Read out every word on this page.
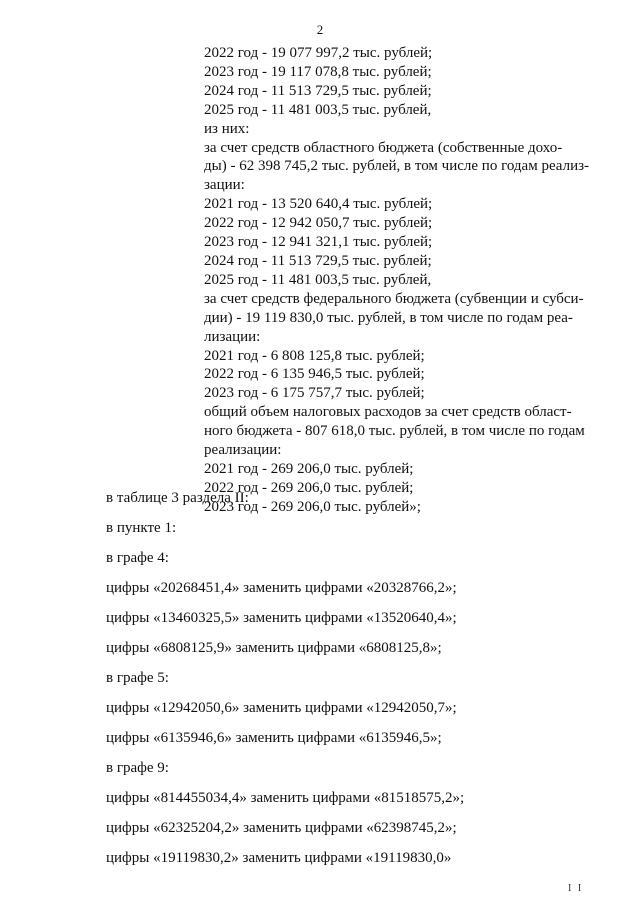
2
2022 год - 19 077 997,2 тыс. рублей;
2023 год - 19 117 078,8 тыс. рублей;
2024 год - 11 513 729,5 тыс. рублей;
2025 год - 11 481 003,5 тыс. рублей,
из них:
за счет средств областного бюджета (собственные дохо-
ды) - 62 398 745,2 тыс. рублей, в том числе по годам реализ-
зации:
2021 год - 13 520 640,4 тыс. рублей;
2022 год - 12 942 050,7 тыс. рублей;
2023 год - 12 941 321,1 тыс. рублей;
2024 год - 11 513 729,5 тыс. рублей;
2025 год - 11 481 003,5 тыс. рублей,
за счет средств федерального бюджета (субвенции и субси-
дии) - 19 119 830,0 тыс. рублей, в том числе по годам реа-
лизации:
2021 год - 6 808 125,8 тыс. рублей;
2022 год - 6 135 946,5 тыс. рублей;
2023 год - 6 175 757,7 тыс. рублей;
общий объем налоговых расходов за счет средств област-
ного бюджета - 807 618,0 тыс. рублей, в том числе по годам
реализации:
2021 год - 269 206,0 тыс. рублей;
2022 год - 269 206,0 тыс. рублей;
2023 год - 269 206,0 тыс. рублей»;
в таблице 3 раздела II:
в пункте 1:
в графе 4:
цифры «20268451,4» заменить цифрами «20328766,2»;
цифры «13460325,5» заменить цифрами «13520640,4»;
цифры «6808125,9» заменить цифрами «6808125,8»;
в графе 5:
цифры «12942050,6» заменить цифрами «12942050,7»;
цифры «6135946,6» заменить цифрами «6135946,5»;
в графе 9:
цифры «814455034,4» заменить цифрами «81518575,2»;
цифры «62325204,2» заменить цифрами «62398745,2»;
цифры «19119830,2» заменить цифрами «19119830,0»
I I
